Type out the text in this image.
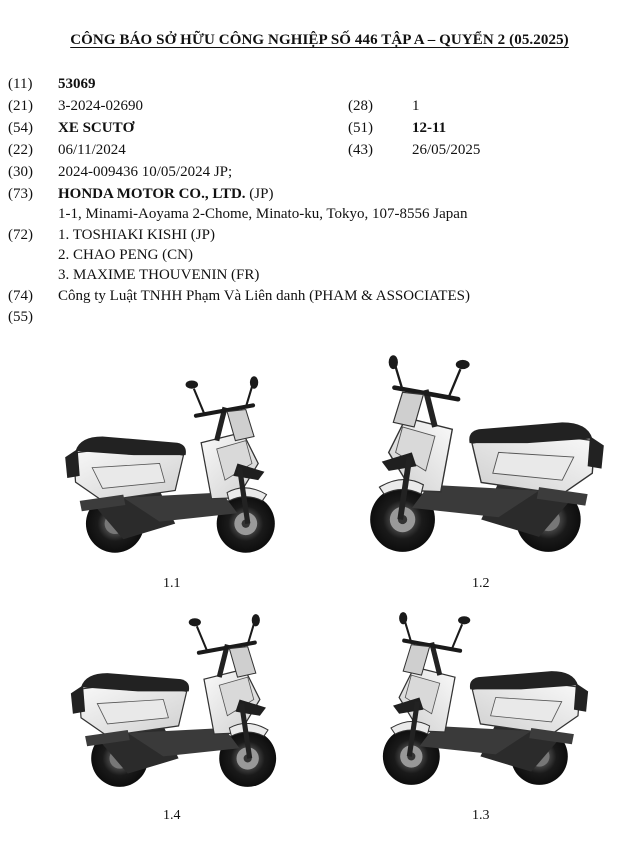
CÔNG BÁO SỞ HỮU CÔNG NGHIỆP SỐ 446 TẬP A – QUYỂN 2 (05.2025)
(11) 53069
(21) 3-2024-02690	(28)	1
(54) XE SCUTƠ	(51)	12-11
(22) 06/11/2024	(43)	26/05/2025
(30) 2024-009436 10/05/2024 JP;
(73) HONDA MOTOR CO., LTD. (JP)
1-1, Minami-Aoyama 2-Chome, Minato-ku, Tokyo, 107-8556 Japan
(72) 1. TOSHIAKI KISHI (JP)
2. CHAO PENG (CN)
3. MAXIME THOUVENIN (FR)
(74) Công ty Luật TNHH Phạm Và Liên danh (PHAM & ASSOCIATES)
(55)
1.1	1.2
1.4	1.3
